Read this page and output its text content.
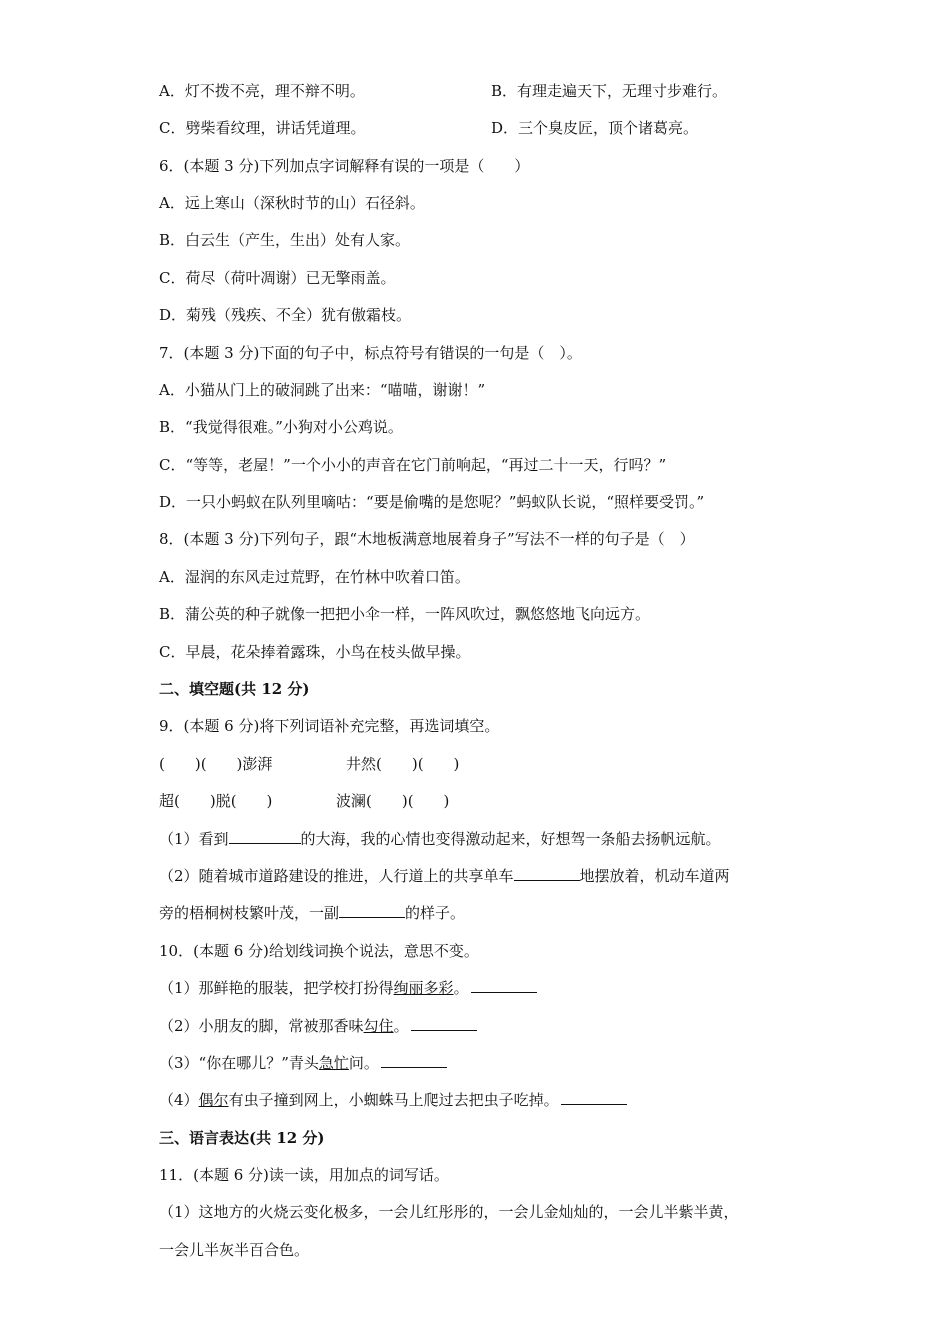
A．灯不拨不亮，理不辩不明。	B．有理走遍天下，无理寸步难行。
C．劈柴看纹理，讲话凭道理。	D．三个臭皮匠，顶个诸葛亮。
6．(本题 3 分)下列加点字词解释有误的一项是（　　）
A．远上寒山（深秋时节的山）石径斜。
B．白云生（产生，生出）处有人家。
C．荷尽（荷叶凋谢）已无擎雨盖。
D．菊残（残疾、不全）犹有傲霜枝。
7．(本题 3 分)下面的句子中，标点符号有错误的一句是（　）。
A．小猫从门上的破洞跳了出来：“喵喵，谢谢！”
B．“我觉得很难。”小狗对小公鸡说。
C．“等等，老屋！”一个小小的声音在它门前响起，“再过二十一天，行吗？”
D．一只小蚂蚁在队列里嘀咕：“要是偷嘴的是您呢？”蚂蚁队长说，“照样要受罚。”
8．(本题 3 分)下列句子，跟“木地板满意地展着身子”写法不一样的句子是（　）
A．湿润的东风走过荒野，在竹林中吹着口笛。
B．蒲公英的种子就像一把把小伞一样，一阵风吹过，飘悠悠地飞向远方。
C．早晨，花朵捧着露珠，小鸟在枝头做早操。
二、填空题(共 12 分)
9．(本题 6 分)将下列词语补充完整，再选词填空。
(　　)(　　)澎湃	井然(　　)(　　)
超(　　)脱(　　)	波澜(　　)(　　)
（1）看到	的大海，我的心情也变得激动起来，好想驾一条船去扬帆远航。
（2）随着城市道路建设的推进，人行道上的共享单车	地摆放着，机动车道两
旁的梧桐树枝繁叶茂，一副	的样子。
10．(本题 6 分)给划线词换个说法，意思不变。
（1）那鲜艳的服装，把学校打扮得绚丽多彩。
（2）小朋友的脚，常被那香味勾住。
（3）“你在哪儿？”青头急忙问。
（4）偶尔有虫子撞到网上，小蜘蛛马上爬过去把虫子吃掉。
三、语言表达(共 12 分)
11．(本题 6 分)读一读，用加点的词写话。
（1）这地方的火烧云变化极多，一会儿红彤彤的，一会儿金灿灿的，一会儿半紫半黄，
一会儿半灰半百合色。
